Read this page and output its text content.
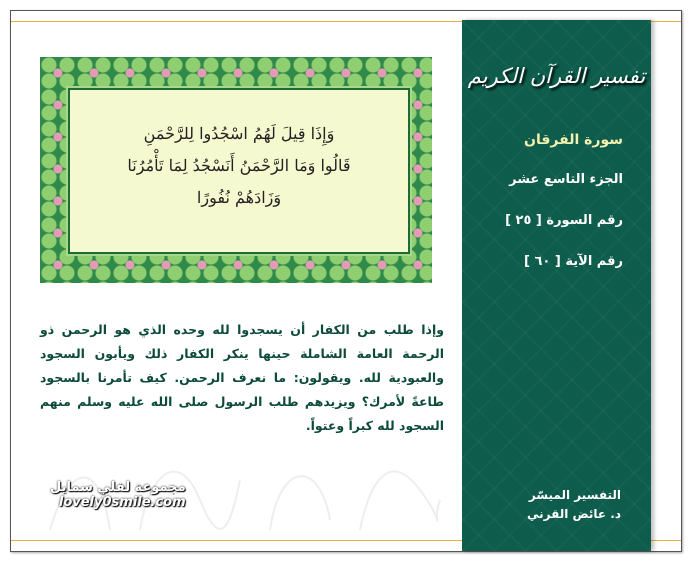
تفسير القرآن الكريم
سورة الفرقان
الجزء التاسع عشر
رقم السورة [ ٢٥ ]
رقم الآية [ ٦٠ ]
التفسير الميسّر
د. عائض القرني
وَإِذَا قِيلَ لَهُمُ اسْجُدُوا لِلرَّحْمَنِ
قَالُوا وَمَا الرَّحْمَنُ أَنَسْجُدُ لِمَا تَأْمُرُنَا
وَزَادَهُمْ نُفُورًا
وإذا طلب من الكفار أن يسجدوا لله وحده الذي هو الرحمن ذو الرحمة العامة الشاملة حينها ينكر الكفار ذلك ويأبون السجود والعبودية لله. ويقولون: ما نعرف الرحمن. كيف تأمرنا بالسجود طاعةً لأمرك؟ ويزيدهم طلب الرسول صلى الله عليه وسلم منهم السجود لله كبراً وعتواً.
مجموعة لفلي سمايل
lovely0smile.com
